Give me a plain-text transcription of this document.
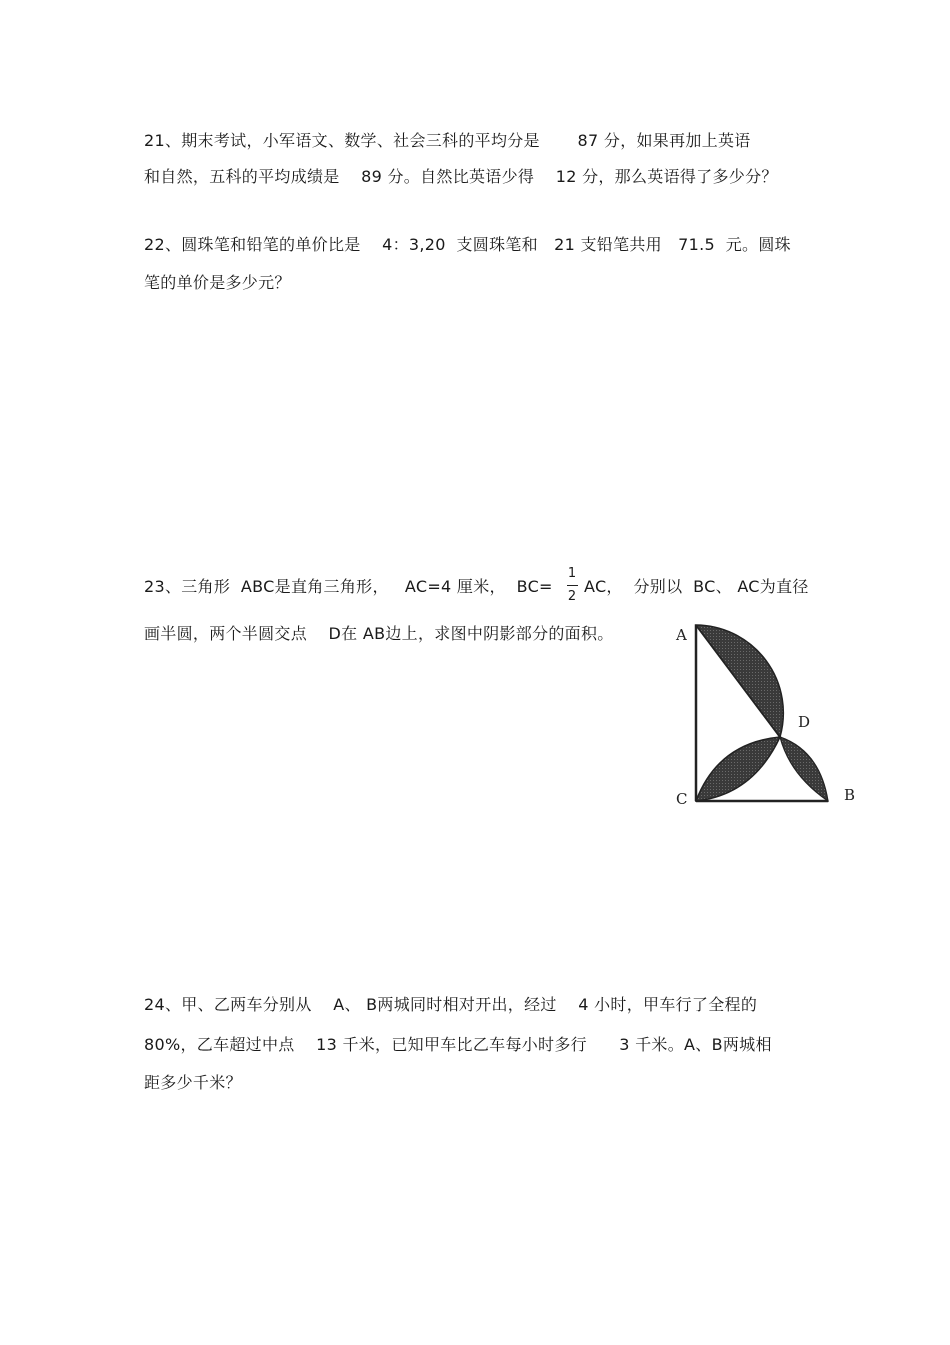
21、期末考试，小军语文、数学、社会三科的平均分是       87 分，如果再加上英语
和自然，五科的平均成绩是    89 分。自然比英语少得    12 分，那么英语得了多少分？
22、圆珠笔和铅笔的单价比是    4：3,20  支圆珠笔和   21 支铅笔共用   71.5  元。圆珠
笔的单价是多少元？
23、三角形  ABC是直角三角形，   AC=4 厘米，  BC=
1
2
AC，  分别以  BC、 AC为直径
画半圆，两个半圆交点    D在 AB边上，求图中阴影部分的面积。	A
C	B
D
24、甲、乙两车分别从    A、 B两城同时相对开出，经过    4 小时，甲车行了全程的
80%，乙车超过中点    13 千米，已知甲车比乙车每小时多行      3 千米。A、B两城相
距多少千米？
